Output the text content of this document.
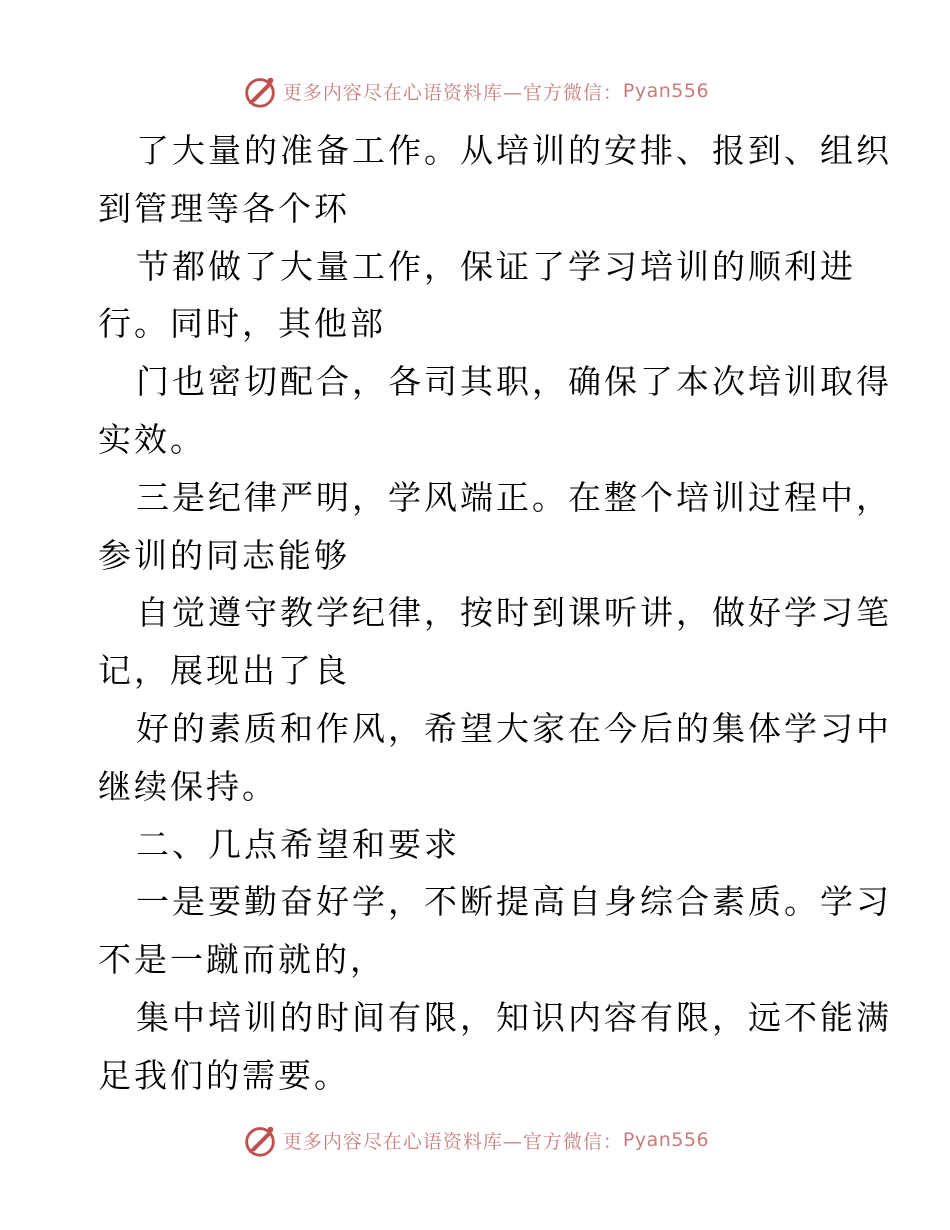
更多内容尽在心语资料库—官方微信： Pyan556
了大量的准备工作。从培训的安排、报到、组织
到管理等各个环
节都做了大量工作，保证了学习培训的顺利进
行。同时，其他部
门也密切配合，各司其职，确保了本次培训取得
实效。
三是纪律严明，学风端正。在整个培训过程中，
参训的同志能够
自觉遵守教学纪律，按时到课听讲，做好学习笔
记，展现出了良
好的素质和作风，希望大家在今后的集体学习中
继续保持。
二、几点希望和要求
一是要勤奋好学，不断提高自身综合素质。学习
不是一蹴而就的，
集中培训的时间有限，知识内容有限，远不能满
足我们的需要。
更多内容尽在心语资料库—官方微信： Pyan556
